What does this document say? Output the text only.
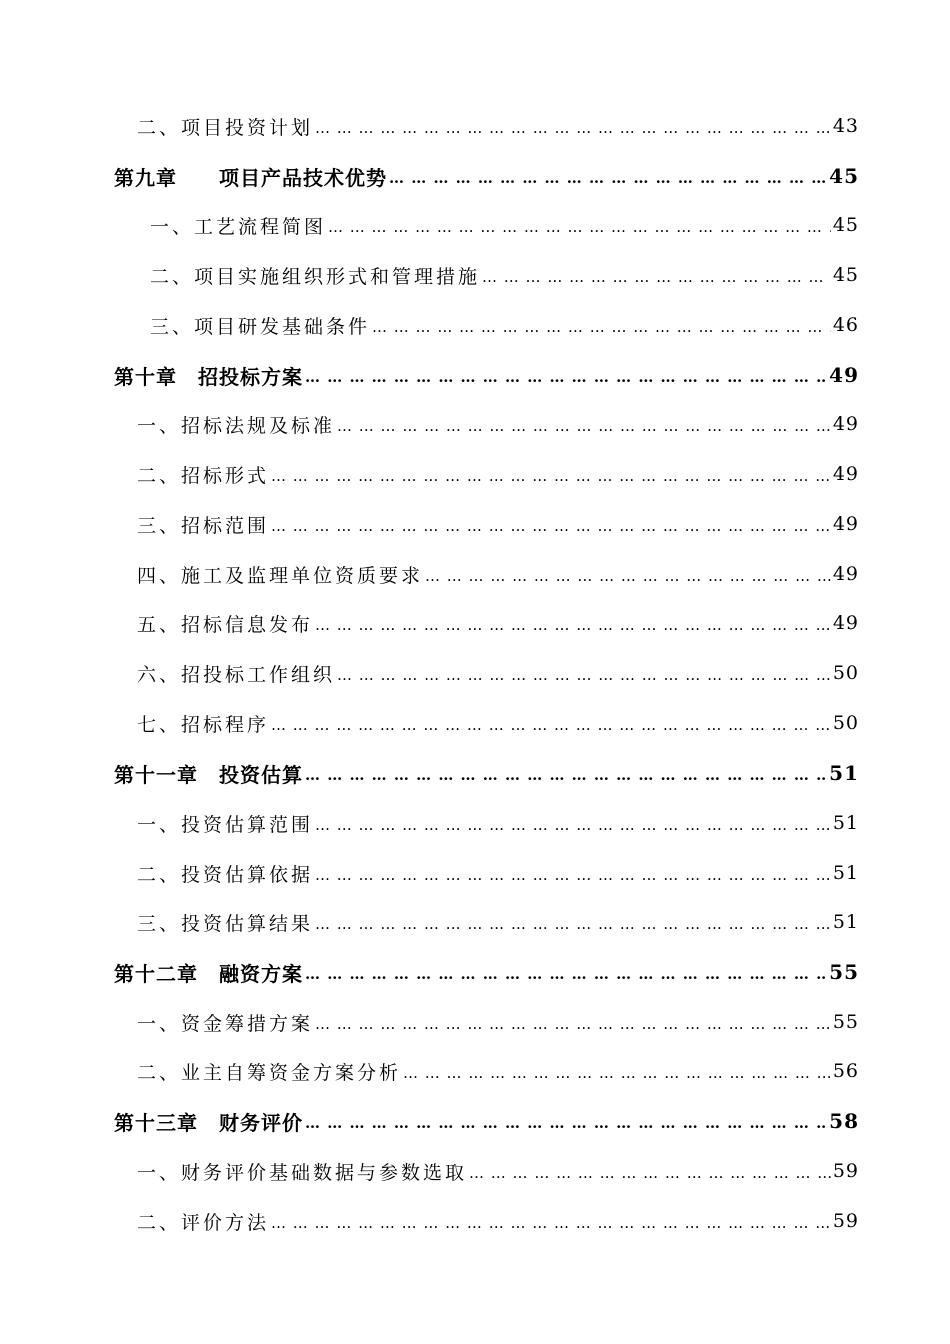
二、项目投资计划 … … … … … … … … … … … … … … … … … … … … … … … … … … … … … … … … … … … … … … … … … … … … … … … … … … … … …	43
第九章　　项目产品技术优势 … … … … … … … … … … … … … … … … … … … … … … … … … … … … … … … … … … … … … … … … … … … … … … … … … … … … …	45
一、工艺流程简图 … … … … … … … … … … … … … … … … … … … … … … … … … … … … … … … … … … … … … … … … … … … … … … … … … … … … …	45
二、项目实施组织形式和管理措施 … … … … … … … … … … … … … … … … … … … … … … … … … … … … … … … … … … … … … … … … … … … … … … … … … … … … …	45
三、项目研发基础条件 … … … … … … … … … … … … … … … … … … … … … … … … … … … … … … … … … … … … … … … … … … … … … … … … … … … … …	46
第十章　招投标方案 … … … … … … … … … … … … … … … … … … … … … … … … … … … … … … … … … … … … … … … … … … … … … … … … … … … … …	49
一、招标法规及标准 … … … … … … … … … … … … … … … … … … … … … … … … … … … … … … … … … … … … … … … … … … … … … … … … … … … … …	49
二、招标形式 … … … … … … … … … … … … … … … … … … … … … … … … … … … … … … … … … … … … … … … … … … … … … … … … … … … … …	49
三、招标范围 … … … … … … … … … … … … … … … … … … … … … … … … … … … … … … … … … … … … … … … … … … … … … … … … … … … … …	49
四、施工及监理单位资质要求 … … … … … … … … … … … … … … … … … … … … … … … … … … … … … … … … … … … … … … … … … … … … … … … … … … … … …	49
五、招标信息发布 … … … … … … … … … … … … … … … … … … … … … … … … … … … … … … … … … … … … … … … … … … … … … … … … … … … … …	49
六、招投标工作组织 … … … … … … … … … … … … … … … … … … … … … … … … … … … … … … … … … … … … … … … … … … … … … … … … … … … … …	50
七、招标程序 … … … … … … … … … … … … … … … … … … … … … … … … … … … … … … … … … … … … … … … … … … … … … … … … … … … … …	50
第十一章　投资估算 … … … … … … … … … … … … … … … … … … … … … … … … … … … … … … … … … … … … … … … … … … … … … … … … … … … … …	51
一、投资估算范围 … … … … … … … … … … … … … … … … … … … … … … … … … … … … … … … … … … … … … … … … … … … … … … … … … … … … …	51
二、投资估算依据 … … … … … … … … … … … … … … … … … … … … … … … … … … … … … … … … … … … … … … … … … … … … … … … … … … … … …	51
三、投资估算结果 … … … … … … … … … … … … … … … … … … … … … … … … … … … … … … … … … … … … … … … … … … … … … … … … … … … … …	51
第十二章　融资方案 … … … … … … … … … … … … … … … … … … … … … … … … … … … … … … … … … … … … … … … … … … … … … … … … … … … … …	55
一、资金筹措方案 … … … … … … … … … … … … … … … … … … … … … … … … … … … … … … … … … … … … … … … … … … … … … … … … … … … … …	55
二、业主自筹资金方案分析 … … … … … … … … … … … … … … … … … … … … … … … … … … … … … … … … … … … … … … … … … … … … … … … … … … … … …	56
第十三章　财务评价 … … … … … … … … … … … … … … … … … … … … … … … … … … … … … … … … … … … … … … … … … … … … … … … … … … … … …	58
一、财务评价基础数据与参数选取 … … … … … … … … … … … … … … … … … … … … … … … … … … … … … … … … … … … … … … … … … … … … … … … … … … … … …	59
二、评价方法 … … … … … … … … … … … … … … … … … … … … … … … … … … … … … … … … … … … … … … … … … … … … … … … … … … … … …	59
